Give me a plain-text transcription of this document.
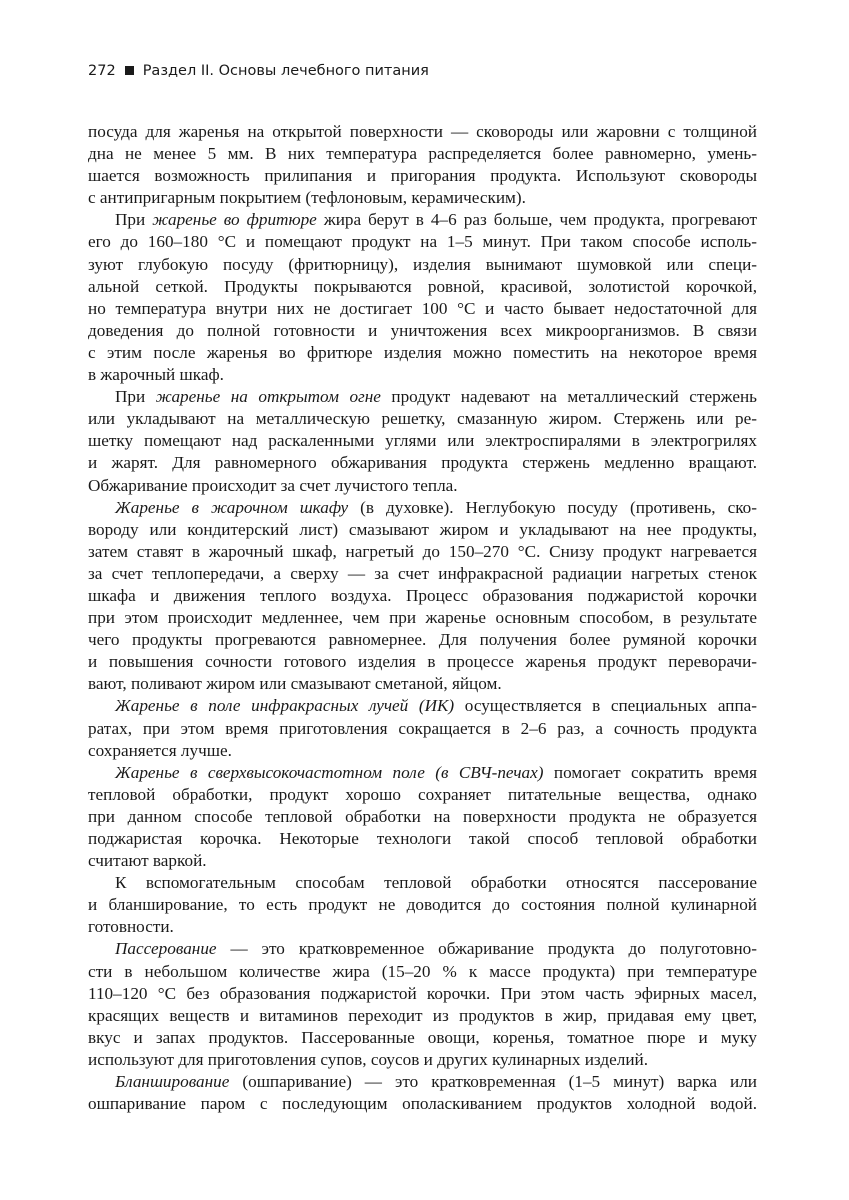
272 Раздел II. Основы лечебного питания
посуда для жаренья на открытой поверхности — сковороды или жаровни с толщиной
дна не менее 5 мм. В них температура распределяется более равномерно, умень-
шается возможность прилипания и пригорания продукта. Используют сковороды
с антипригарным покрытием (тефлоновым, керамическим).
При жаренье во фритюре жира берут в 4–6 раз больше, чем продукта, прогревают
его до 160–180 °С и помещают продукт на 1–5 минут. При таком способе исполь-
зуют глубокую посуду (фритюрницу), изделия вынимают шумовкой или специ-
альной сеткой. Продукты покрываются ровной, красивой, золотистой корочкой,
но температура внутри них не достигает 100 °С и часто бывает недостаточной для
доведения до полной готовности и уничтожения всех микроорганизмов. В связи
с этим после жаренья во фритюре изделия можно поместить на некоторое время
в жарочный шкаф.
При жаренье на открытом огне продукт надевают на металлический стержень
или укладывают на металлическую решетку, смазанную жиром. Стержень или ре-
шетку помещают над раскаленными углями или электроспиралями в электрогрилях
и жарят. Для равномерного обжаривания продукта стержень медленно вращают.
Обжаривание происходит за счет лучистого тепла.
Жаренье в жарочном шкафу (в духовке). Неглубокую посуду (противень, ско-
вороду или кондитерский лист) смазывают жиром и укладывают на нее продукты,
затем ставят в жарочный шкаф, нагретый до 150–270 °С. Снизу продукт нагревается
за счет теплопередачи, а сверху — за счет инфракрасной радиации нагретых стенок
шкафа и движения теплого воздуха. Процесс образования поджаристой корочки
при этом происходит медленнее, чем при жаренье основным способом, в результате
чего продукты прогреваются равномернее. Для получения более румяной корочки
и повышения сочности готового изделия в процессе жаренья продукт переворачи-
вают, поливают жиром или смазывают сметаной, яйцом.
Жаренье в поле инфракрасных лучей (ИК) осуществляется в специальных аппа-
ратах, при этом время приготовления сокращается в 2–6 раз, а сочность продукта
сохраняется лучше.
Жаренье в сверхвысокочастотном поле (в СВЧ-печах) помогает сократить время
тепловой обработки, продукт хорошо сохраняет питательные вещества, однако
при данном способе тепловой обработки на поверхности продукта не образуется
поджаристая корочка. Некоторые технологи такой способ тепловой обработки
считают варкой.
К вспомогательным способам тепловой обработки относятся пассерование
и бланширование, то есть продукт не доводится до состояния полной кулинарной
готовности.
Пассерование — это кратковременное обжаривание продукта до полуготовно-
сти в небольшом количестве жира (15–20 % к массе продукта) при температуре
110–120 °С без образования поджаристой корочки. При этом часть эфирных масел,
красящих веществ и витаминов переходит из продуктов в жир, придавая ему цвет,
вкус и запах продуктов. Пассерованные овощи, коренья, томатное пюре и муку
используют для приготовления супов, соусов и других кулинарных изделий.
Бланширование (ошпаривание) — это кратковременная (1–5 минут) варка или
ошпаривание паром с последующим ополаскиванием продуктов холодной водой.
